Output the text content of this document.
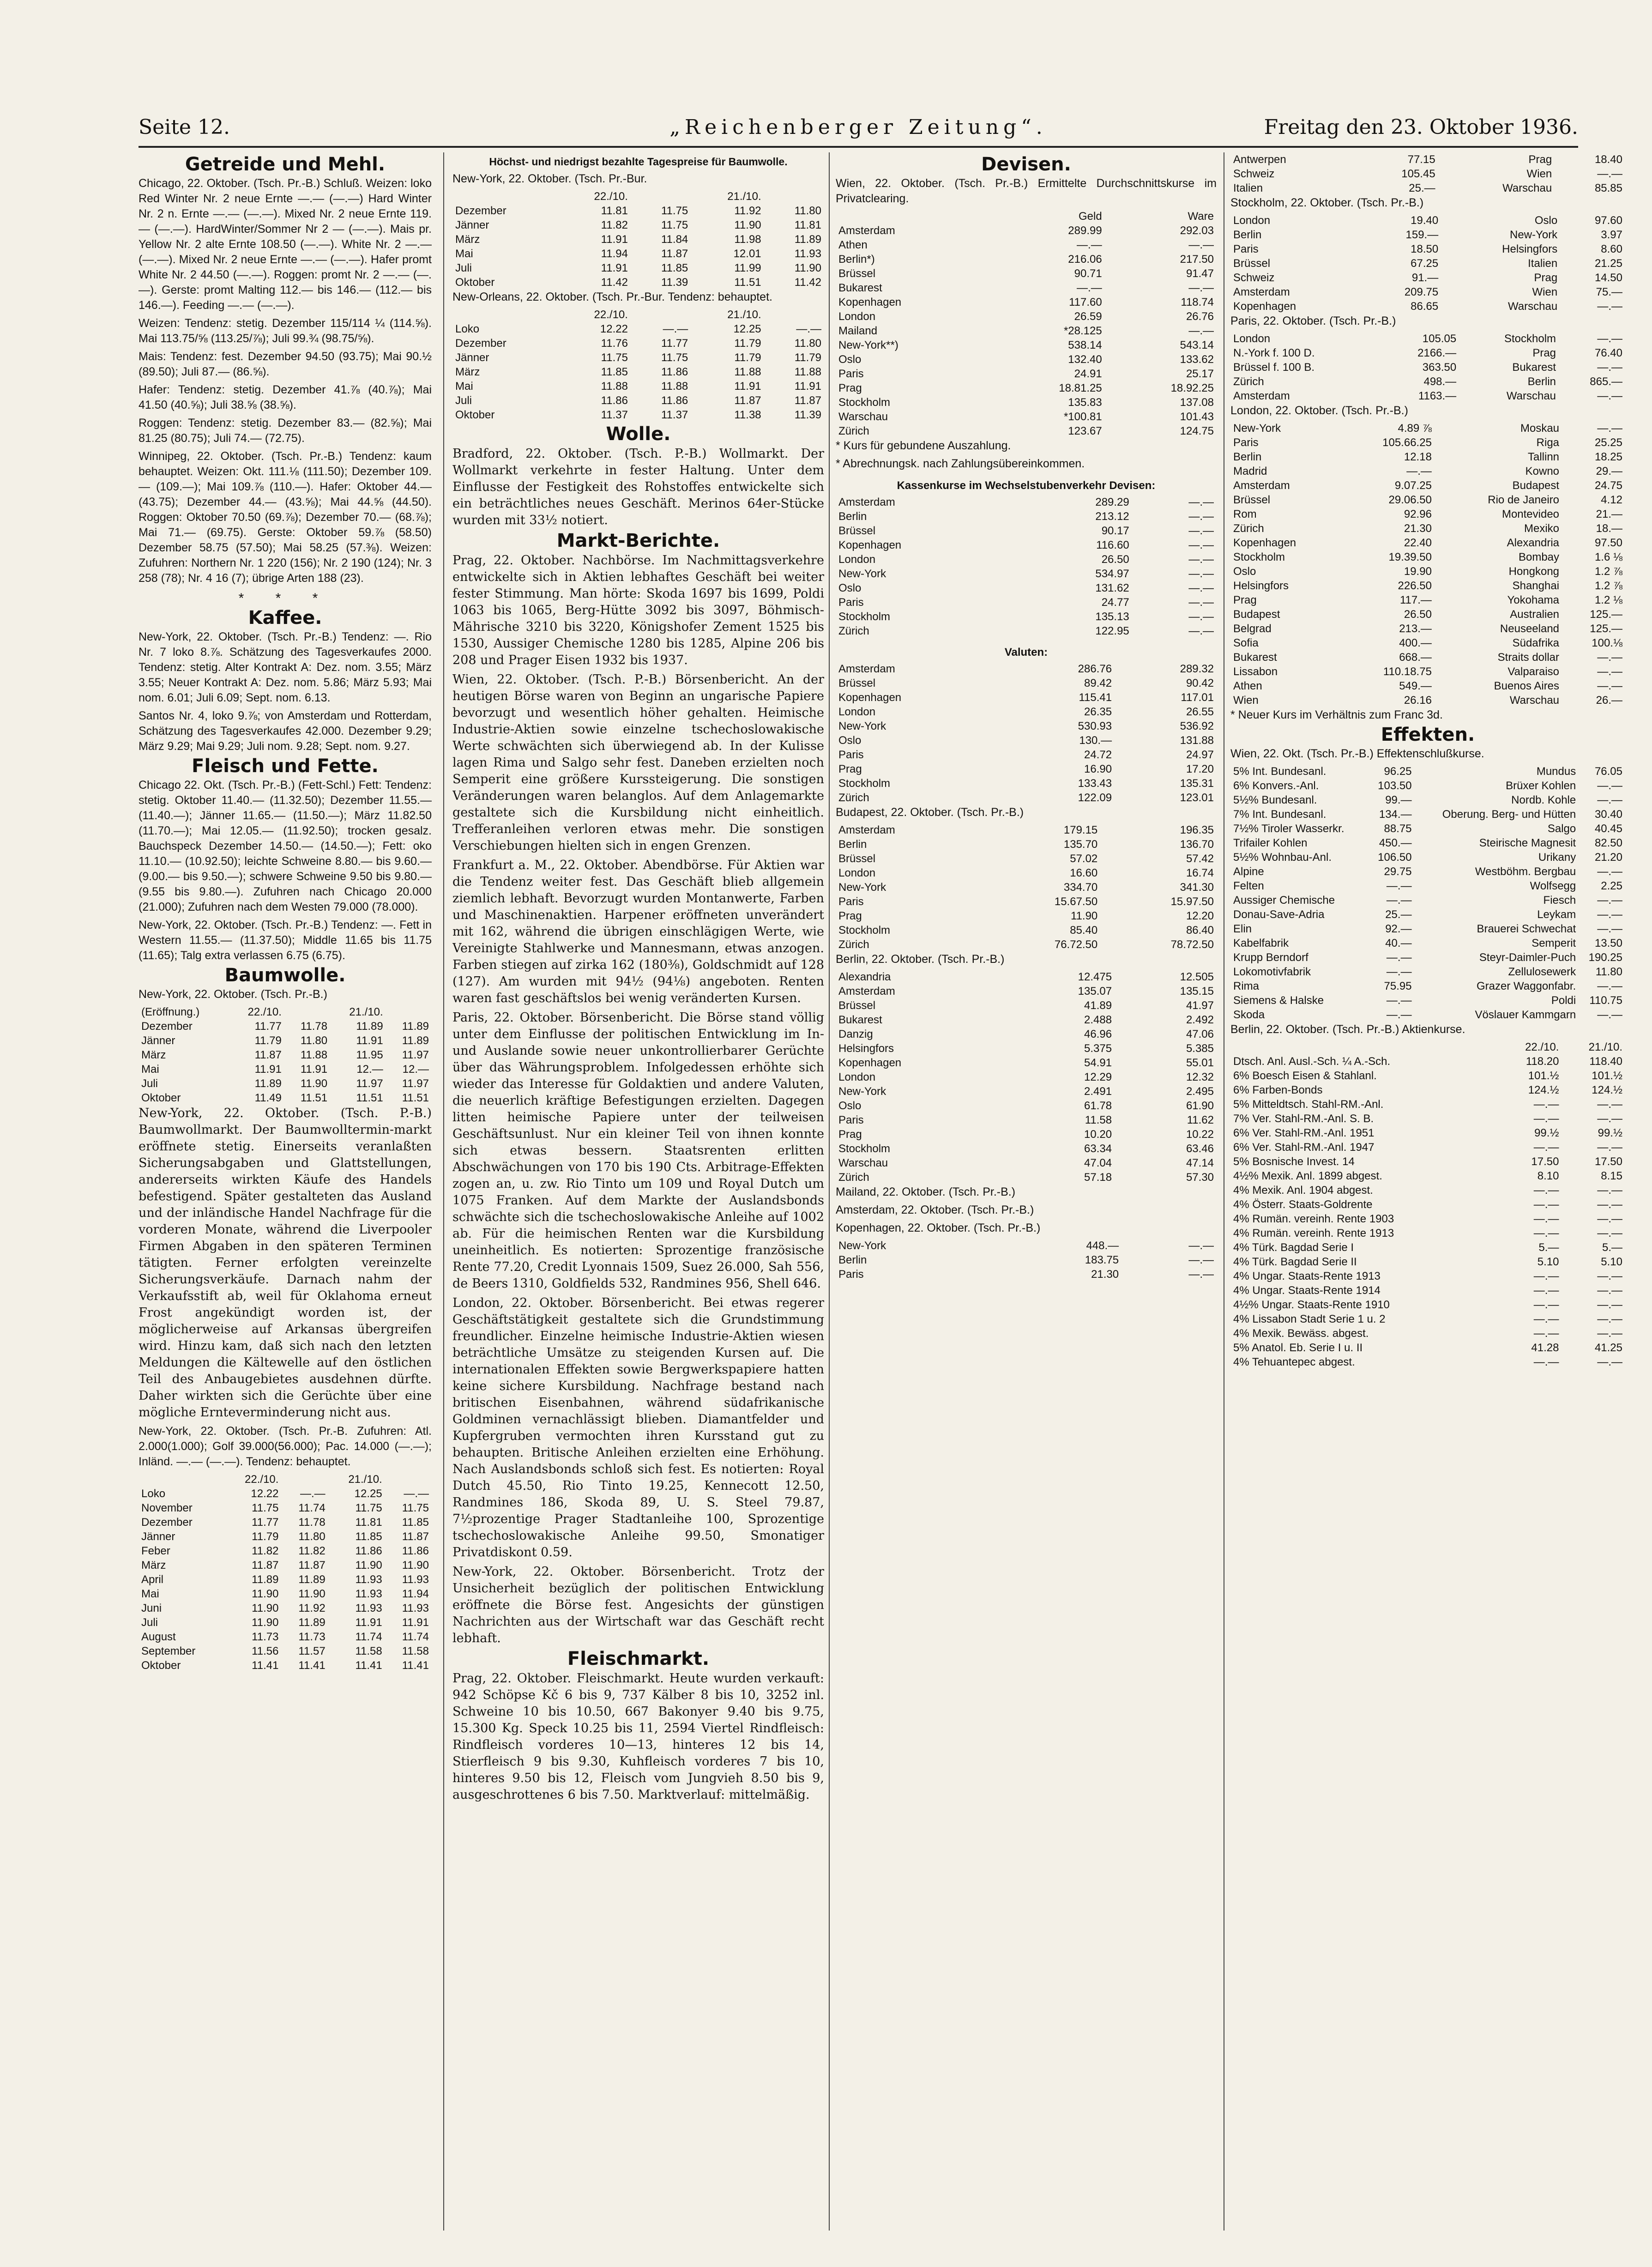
Seite 12.	„Reichenberger Zeitung“.	Freitag den 23. Oktober 1936.
Getreide und Mehl.

Chicago, 22. Oktober. (Tsch. Pr.-B.) Schluß. Weizen: loko Red Winter Nr. 2 neue Ernte —.— (—.—) Hard Winter Nr. 2 n. Ernte —.— (—.—). Mixed Nr. 2 neue Ernte 119.— (—.—). HardWinter/Sommer Nr 2 — (—.—). Mais pr. Yellow Nr. 2 alte Ernte 108.50 (—.—). White Nr. 2 —.— (—.—). Mixed Nr. 2 neue Ernte —.— (—.—). Hafer promt White Nr. 2 44.50 (—.—). Roggen: promt Nr. 2 —.— (—.—). Gerste: promt Malting 112.— bis 146.— (112.— bis 146.—). Feeding —.— (—.—).

Weizen: Tendenz: stetig. Dezember 115/114 ¼ (114.⅝). Mai 113.75/⅝ (113.25/⅞); Juli 99.¾ (98.75/⅝).

Mais: Tendenz: fest. Dezember 94.50 (93.75); Mai 90.½ (89.50); Juli 87.— (86.⅝).

Hafer: Tendenz: stetig. Dezember 41.⅞ (40.⅞); Mai 41.50 (40.⅝); Juli 38.⅝ (38.⅝).

Roggen: Tendenz: stetig. Dezember 83.— (82.⅝); Mai 81.25 (80.75); Juli 74.— (72.75).

Winnipeg, 22. Oktober. (Tsch. Pr.-B.) Tendenz: kaum behauptet. Weizen: Okt. 111.⅛ (111.50); Dezember 109.— (109.—); Mai 109.⅞ (110.—). Hafer: Oktober 44.— (43.75); Dezember 44.— (43.⅝); Mai 44.⅝ (44.50). Roggen: Oktober 70.50 (69.⅞); Dezember 70.— (68.⅞); Mai 71.— (69.75). Gerste: Oktober 59.⅞ (58.50) Dezember 58.75 (57.50); Mai 58.25 (57.⅜). Weizen: Zufuhren: Northern Nr. 1 220 (156); Nr. 2 190 (124); Nr. 3 258 (78); Nr. 4 16 (7); übrige Arten 188 (23).

* * *
Kaffee.

New-York, 22. Oktober. (Tsch. Pr.-B.) Tendenz: —. Rio Nr. 7 loko 8.⅞. Schätzung des Tagesverkaufes 2000. Tendenz: stetig. Alter Kontrakt A: Dez. nom. 3.55; März 3.55; Neuer Kontrakt A: Dez. nom. 5.86; März 5.93; Mai nom. 6.01; Juli 6.09; Sept. nom. 6.13.

Santos Nr. 4, loko 9.⅞; von Amsterdam und Rotterdam, Schätzung des Tagesverkaufes 42.000. Dezember 9.29; März 9.29; Mai 9.29; Juli nom. 9.28; Sept. nom. 9.27.

Fleisch und Fette.

Chicago 22. Okt. (Tsch. Pr.-B.) (Fett-Schl.) Fett: Tendenz: stetig. Oktober 11.40.— (11.32.50); Dezember 11.55.— (11.40.—); Jänner 11.65.— (11.50.—); März 11.82.50 (11.70.—); Mai 12.05.— (11.92.50); trocken gesalz. Bauchspeck Dezember 14.50.— (14.50.—); Fett: oko 11.10.— (10.92.50); leichte Schweine 8.80.— bis 9.60.— (9.00.— bis 9.50.—); schwere Schweine 9.50 bis 9.80.— (9.55 bis 9.80.—). Zufuhren nach Chicago 20.000 (21.000); Zufuhren nach dem Westen 79.000 (78.000).

New-York, 22. Oktober. (Tsch. Pr.-B.) Tendenz: —. Fett in Western 11.55.— (11.37.50); Middle 11.65 bis 11.75 (11.65); Talg extra verlassen 6.75 (6.75).

Baumwolle.

New-York, 22. Oktober. (Tsch. Pr.-B.)

(Eröffnung.)	22./10.		21./10.	
Dezember	11.77	11.78	11.89	11.89
Jänner	11.79	11.80	11.91	11.89
März	11.87	11.88	11.95	11.97
Mai	11.91	11.91	12.—	12.—
Juli	11.89	11.90	11.97	11.97
Oktober	11.49	11.51	11.51	11.51

New-York, 22. Oktober. (Tsch. P.-B.) Baumwollmarkt. Der Baumwolltermin-markt eröffnete stetig. Einerseits veranlaßten Sicherungsabgaben und Glattstellungen, andererseits wirkten Käufe des Handels befestigend. Später gestalteten das Ausland und der inländische Handel Nachfrage für die vorderen Monate, während die Liverpooler Firmen Abgaben in den späteren Terminen tätigten. Ferner erfolgten vereinzelte Sicherungsverkäufe. Darnach nahm der Verkaufsstift ab, weil für Oklahoma erneut Frost angekündigt worden ist, der möglicherweise auf Arkansas übergreifen wird. Hinzu kam, daß sich nach den letzten Meldungen die Kältewelle auf den östlichen Teil des Anbaugebietes ausdehnen dürfte. Daher wirkten sich die Gerüchte über eine mögliche Ernteverminderung nicht aus.

New-York, 22. Oktober. (Tsch. Pr.-B. Zufuhren: Atl. 2.000(1.000); Golf 39.000(56.000); Pac. 14.000 (—.—); Inländ. —.— (—.—). Tendenz: behauptet.

	22./10.		21./10.	
Loko	12.22	—.—	12.25	—.—
November	11.75	11.74	11.75	11.75
Dezember	11.77	11.78	11.81	11.85
Jänner	11.79	11.80	11.85	11.87
Feber	11.82	11.82	11.86	11.86
März	11.87	11.87	11.90	11.90
April	11.89	11.89	11.93	11.93
Mai	11.90	11.90	11.93	11.94
Juni	11.90	11.92	11.93	11.93
Juli	11.90	11.89	11.91	11.91
August	11.73	11.73	11.74	11.74
September	11.56	11.57	11.58	11.58
Oktober	11.41	11.41	11.41	11.41
Höchst- und niedrigst bezahlte Tagespreise für Baumwolle.

New-York, 22. Oktober. (Tsch. Pr.-Bur.

	22./10.		21./10.	
Dezember	11.81	11.75	11.92	11.80
Jänner	11.82	11.75	11.90	11.81
März	11.91	11.84	11.98	11.89
Mai	11.94	11.87	12.01	11.93
Juli	11.91	11.85	11.99	11.90
Oktober	11.42	11.39	11.51	11.42

New-Orleans, 22. Oktober. (Tsch. Pr.-Bur. Tendenz: behauptet.

	22./10.		21./10.	
Loko	12.22	—.—	12.25	—.—
Dezember	11.76	11.77	11.79	11.80
Jänner	11.75	11.75	11.79	11.79
März	11.85	11.86	11.88	11.88
Mai	11.88	11.88	11.91	11.91
Juli	11.86	11.86	11.87	11.87
Oktober	11.37	11.37	11.38	11.39
Wolle.

Bradford, 22. Oktober. (Tsch. P.-B.) Wollmarkt. Der Wollmarkt verkehrte in fester Haltung. Unter dem Einflusse der Festigkeit des Rohstoffes entwickelte sich ein beträchtliches neues Geschäft. Merinos 64er-Stücke wurden mit 33½ notiert.

Markt-Berichte.

Prag, 22. Oktober. Nachbörse. Im Nachmittagsverkehre entwickelte sich in Aktien lebhaftes Geschäft bei weiter fester Stimmung. Man hörte: Skoda 1697 bis 1699, Poldi 1063 bis 1065, Berg-Hütte 3092 bis 3097, Böhmisch-Mährische 3210 bis 3220, Königshofer Zement 1525 bis 1530, Aussiger Chemische 1280 bis 1285, Alpine 206 bis 208 und Prager Eisen 1932 bis 1937.

Wien, 22. Oktober. (Tsch. P.-B.) Börsenbericht. An der heutigen Börse waren von Beginn an ungarische Papiere bevorzugt und wesentlich höher gehalten. Heimische Industrie-Aktien sowie einzelne tschechoslowakische Werte schwächten sich überwiegend ab. In der Kulisse lagen Rima und Salgo sehr fest. Daneben erzielten noch Semperit eine größere Kurssteigerung. Die sonstigen Veränderungen waren belanglos. Auf dem Anlagemarkte gestaltete sich die Kursbildung nicht einheitlich. Trefferanleihen verloren etwas mehr. Die sonstigen Verschiebungen hielten sich in engen Grenzen.

Frankfurt a. M., 22. Oktober. Abendbörse. Für Aktien war die Tendenz weiter fest. Das Geschäft blieb allgemein ziemlich lebhaft. Bevorzugt wurden Montanwerte, Farben und Maschinenaktien. Harpener eröffneten unverändert mit 162, während die übrigen einschlägigen Werte, wie Vereinigte Stahlwerke und Mannesmann, etwas anzogen. Farben stiegen auf zirka 162 (180⅜), Goldschmidt auf 128 (127). Am wurden mit 94½ (94⅛) angeboten. Renten waren fast geschäftslos bei wenig veränderten Kursen.

Paris, 22. Oktober. Börsenbericht. Die Börse stand völlig unter dem Einflusse der politischen Entwicklung im In- und Auslande sowie neuer unkontrollierbarer Gerüchte über das Währungsproblem. Infolgedessen erhöhte sich wieder das Interesse für Goldaktien und andere Valuten, die neuerlich kräftige Befestigungen erzielten. Dagegen litten heimische Papiere unter der teilweisen Geschäftsunlust. Nur ein kleiner Teil von ihnen konnte sich etwas bessern. Staatsrenten erlitten Abschwächungen von 170 bis 190 Cts. Arbitrage-Effekten zogen an, u. zw. Rio Tinto um 109 und Royal Dutch um 1075 Franken. Auf dem Markte der Auslandsbonds schwächte sich die tschechoslowakische Anleihe auf 1002 ab. Für die heimischen Renten war die Kursbildung uneinheitlich. Es notierten: Sprozentige französische Rente 77.20, Credit Lyonnais 1509, Suez 26.000, Sah 556, de Beers 1310, Goldfields 532, Randmines 956, Shell 646.

London, 22. Oktober. Börsenbericht. Bei etwas regerer Geschäftstätigkeit gestaltete sich die Grundstimmung freundlicher. Einzelne heimische Industrie-Aktien wiesen beträchtliche Umsätze zu steigenden Kursen auf. Die internationalen Effekten sowie Bergwerkspapiere hatten keine sichere Kursbildung. Nachfrage bestand nach britischen Eisenbahnen, während südafrikanische Goldminen vernachlässigt blieben. Diamantfelder und Kupfergruben vermochten ihren Kursstand gut zu behaupten. Britische Anleihen erzielten eine Erhöhung. Nach Auslandsbonds schloß sich fest. Es notierten: Royal Dutch 45.50, Rio Tinto 19.25, Kennecott 12.50, Randmines 186, Skoda 89, U. S. Steel 79.87, 7½prozentige Prager Stadtanleihe 100, Sprozentige tschechoslowakische Anleihe 99.50, Smonatiger Privatdiskont 0.59.

New-York, 22. Oktober. Börsenbericht. Trotz der Unsicherheit bezüglich der politischen Entwicklung eröffnete die Börse fest. Angesichts der günstigen Nachrichten aus der Wirtschaft war das Geschäft recht lebhaft.

Fleischmarkt.

Prag, 22. Oktober. Fleischmarkt. Heute wurden verkauft: 942 Schöpse Kč 6 bis 9, 737 Kälber 8 bis 10, 3252 inl. Schweine 10 bis 10.50, 667 Bakonyer 9.40 bis 9.75, 15.300 Kg. Speck 10.25 bis 11, 2594 Viertel Rindfleisch: Rindfleisch vorderes 10—13, hinteres 12 bis 14, Stierfleisch 9 bis 9.30, Kuhfleisch vorderes 7 bis 10, hinteres 9.50 bis 12, Fleisch vom Jungvieh 8.50 bis 9, ausgeschrottenes 6 bis 7.50. Marktverlauf: mittelmäßig.

Devisen.

Wien, 22. Oktober. (Tsch. Pr.-B.) Ermittelte Durchschnittskurse im Privatclearing.

	Geld	Ware
Amsterdam	289.99	292.03
Athen	—.—	—.—
Berlin*)	216.06	217.50
Brüssel	90.71	91.47
Bukarest	—.—	—.—
Kopenhagen	117.60	118.74
London	26.59	26.76
Mailand	*28.125	—.—
New-York**)	538.14	543.14
Oslo	132.40	133.62
Paris	24.91	25.17
Prag	18.81.25	18.92.25
Stockholm	135.83	137.08
Warschau	*100.81	101.43
Zürich	123.67	124.75

* Kurs für gebundene Auszahlung.

* Abrechnungsk. nach Zahlungsübereinkommen.

Kassenkurse im Wechselstubenverkehr Devisen:
Amsterdam	289.29	—.—
Berlin	213.12	—.—
Brüssel	90.17	—.—
Kopenhagen	116.60	—.—
London	26.50	—.—
New-York	534.97	—.—
Oslo	131.62	—.—
Paris	24.77	—.—
Stockholm	135.13	—.—
Zürich	122.95	—.—
Valuten:
Amsterdam	286.76	289.32
Brüssel	89.42	90.42
Kopenhagen	115.41	117.01
London	26.35	26.55
New-York	530.93	536.92
Oslo	130.—	131.88
Paris	24.72	24.97
Prag	16.90	17.20
Stockholm	133.43	135.31
Zürich	122.09	123.01

Budapest, 22. Oktober. (Tsch. Pr.-B.)

Amsterdam	179.15	196.35
Berlin	135.70	136.70
Brüssel	57.02	57.42
London	16.60	16.74
New-York	334.70	341.30
Paris	15.67.50	15.97.50
Prag	11.90	12.20
Stockholm	85.40	86.40
Zürich	76.72.50	78.72.50

Berlin, 22. Oktober. (Tsch. Pr.-B.)

Alexandria	12.475	12.505
Amsterdam	135.07	135.15
Brüssel	41.89	41.97
Bukarest	2.488	2.492
Danzig	46.96	47.06
Helsingfors	5.375	5.385
Kopenhagen	54.91	55.01
London	12.29	12.32
New-York	2.491	2.495
Oslo	61.78	61.90
Paris	11.58	11.62
Prag	10.20	10.22
Stockholm	63.34	63.46
Warschau	47.04	47.14
Zürich	57.18	57.30

Mailand, 22. Oktober. (Tsch. Pr.-B.)

Amsterdam, 22. Oktober. (Tsch. Pr.-B.)

Kopenhagen, 22. Oktober. (Tsch. Pr.-B.)

New-York	448.—	—.—
Berlin	183.75	—.—
Paris	21.30	—.—
Antwerpen	77.15	Prag	18.40
Schweiz	105.45	Wien	—.—
Italien	25.—	Warschau	85.85

Stockholm, 22. Oktober. (Tsch. Pr.-B.)

London	19.40	Oslo	97.60
Berlin	159.—	New-York	3.97
Paris	18.50	Helsingfors	8.60
Brüssel	67.25	Italien	21.25
Schweiz	91.—	Prag	14.50
Amsterdam	209.75	Wien	75.—
Kopenhagen	86.65	Warschau	—.—

Paris, 22. Oktober. (Tsch. Pr.-B.)

London	105.05	Stockholm	—.—
N.-York f. 100 D.	2166.—	Prag	76.40
Brüssel f. 100 B.	363.50	Bukarest	—.—
Zürich	498.—	Berlin	865.—
Amsterdam	1163.—	Warschau	—.—

London, 22. Oktober. (Tsch. Pr.-B.)

New-York	4.89 ⅞	Moskau	—.—
Paris	105.66.25	Riga	25.25
Berlin	12.18	Tallinn	18.25
Madrid	—.—	Kowno	29.—
Amsterdam	9.07.25	Budapest	24.75
Brüssel	29.06.50	Rio de Janeiro	4.12
Rom	92.96	Montevideo	21.—
Zürich	21.30	Mexiko	18.—
Kopenhagen	22.40	Alexandria	97.50
Stockholm	19.39.50	Bombay	1.6 ⅛
Oslo	19.90	Hongkong	1.2 ⅞
Helsingfors	226.50	Shanghai	1.2 ⅞
Prag	117.—	Yokohama	1.2 ⅛
Budapest	26.50	Australien	125.—
Belgrad	213.—	Neuseeland	125.—
Sofia	400.—	Südafrika	100.⅛
Bukarest	668.—	Straits dollar	—.—
Lissabon	110.18.75	Valparaiso	—.—
Athen	549.—	Buenos Aires	—.—
Wien	26.16	Warschau	26.—

* Neuer Kurs im Verhältnis zum Franc 3d.

Effekten.

Wien, 22. Okt. (Tsch. Pr.-B.) Effektenschlußkurse.

5% Int. Bundesanl.	96.25	Mundus	76.05
6% Konvers.-Anl.	103.50	Brüxer Kohlen	—.—
5½% Bundesanl.	99.—	Nordb. Kohle	—.—
7% Int. Bundesanl.	134.—	Oberung. Berg- und Hütten	30.40
7½% Tiroler Wasserkr.	88.75	Salgo	40.45
Trifailer Kohlen	450.—	Steirische Magnesit	82.50
5½% Wohnbau-Anl.	106.50	Urikany	21.20
Alpine	29.75	Westböhm. Bergbau	—.—
Felten	—.—	Wolfsegg	2.25
Aussiger Chemische	—.—	Fiesch	—.—
Donau-Save-Adria	25.—	Leykam	—.—
Elin	92.—	Brauerei Schwechat	—.—
Kabelfabrik	40.—	Semperit	13.50
Krupp Berndorf	—.—	Steyr-Daimler-Puch	190.25
Lokomotivfabrik	—.—	Zellulosewerk	11.80
Rima	75.95	Grazer Waggonfabr.	—.—
Siemens & Halske	—.—	Poldi	110.75
Skoda	—.—	Vöslauer Kammgarn	—.—

Berlin, 22. Oktober. (Tsch. Pr.-B.) Aktienkurse.

	22./10.	21./10.
Dtsch. Anl. Ausl.-Sch. ¼ A.-Sch.	118.20	118.40
6% Boesch Eisen & Stahlanl.	101.½	101.½
6% Farben-Bonds	124.½	124.½
5% Mitteldtsch. Stahl-RM.-Anl.	—.—	—.—
7% Ver. Stahl-RM.-Anl. S. B.	—.—	—.—
6% Ver. Stahl-RM.-Anl. 1951	99.½	99.½
6% Ver. Stahl-RM.-Anl. 1947	—.—	—.—
5% Bosnische Invest. 14	17.50	17.50
4½% Mexik. Anl. 1899 abgest.	8.10	8.15
4% Mexik. Anl. 1904 abgest.	—.—	—.—
4% Österr. Staats-Goldrente	—.—	—.—
4% Rumän. vereinh. Rente 1903	—.—	—.—
4% Rumän. vereinh. Rente 1913	—.—	—.—
4% Türk. Bagdad Serie I	5.—	5.—
4% Türk. Bagdad Serie II	5.10	5.10
4% Ungar. Staats-Rente 1913	—.—	—.—
4% Ungar. Staats-Rente 1914	—.—	—.—
4½% Ungar. Staats-Rente 1910	—.—	—.—
4% Lissabon Stadt Serie 1 u. 2	—.—	—.—
4% Mexik. Bewäss. abgest.	—.—	—.—
5% Anatol. Eb. Serie I u. II	41.28	41.25
4% Tehuantepec abgest.	—.—	—.—
